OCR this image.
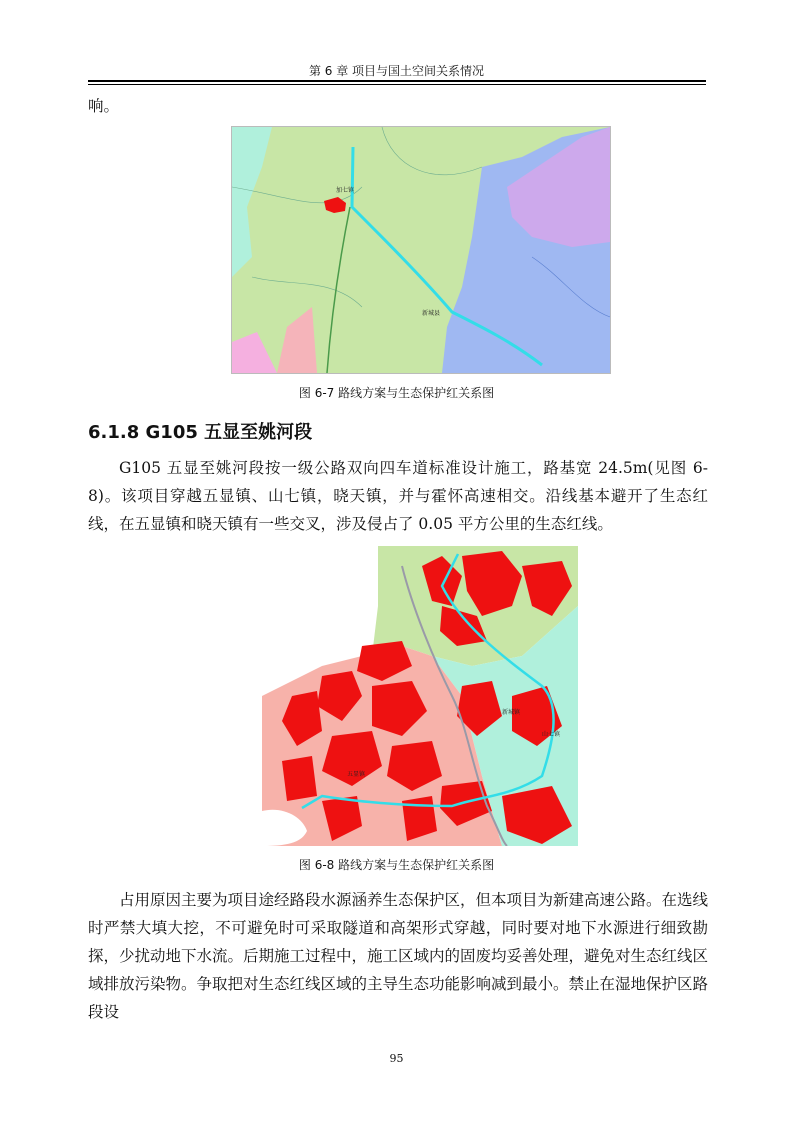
第 6 章 项目与国土空间关系情况

响。

加七镇
新城县
图 6-7 路线方案与生态保护红关系图
6.1.8 G105 五显至姚河段

G105 五显至姚河段按一级公路双向四车道标准设计施工，路基宽 24.5m(见图 6-8)。该项目穿越五显镇、山七镇，晓天镇，并与霍怀高速相交。沿线基本避开了生态红线，在五显镇和晓天镇有一些交叉，涉及侵占了 0.05 平方公里的生态红线。

新城镇
山七镇
五显镇
图 6-8 路线方案与生态保护红关系图

占用原因主要为项目途经路段水源涵养生态保护区，但本项目为新建高速公路。在选线时严禁大填大挖，不可避免时可采取隧道和高架形式穿越，同时要对地下水源进行细致勘探，少扰动地下水流。后期施工过程中，施工区域内的固废均妥善处理，避免对生态红线区域排放污染物。争取把对生态红线区域的主导生态功能影响减到最小。禁止在湿地保护区路段设

95
